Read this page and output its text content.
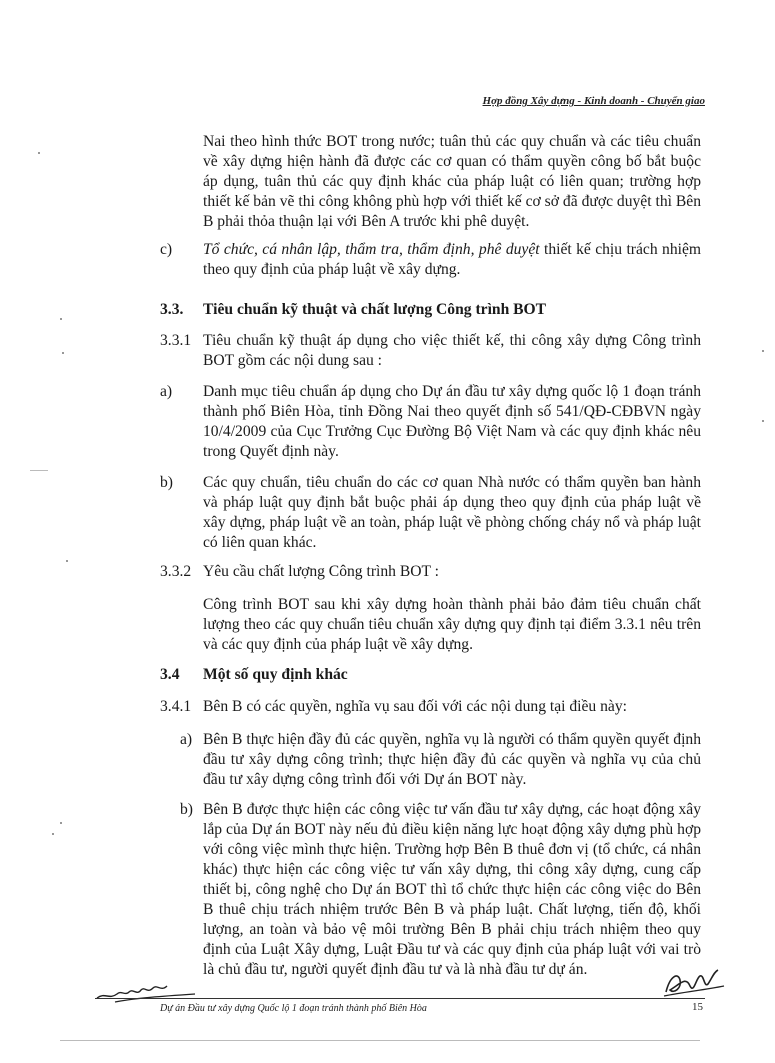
Hợp đồng Xây dựng - Kinh doanh - Chuyển giao
Nai theo hình thức BOT trong nước; tuân thủ các quy chuẩn và các tiêu chuẩn về xây dựng hiện hành đã được các cơ quan có thẩm quyền công bố bắt buộc áp dụng, tuân thủ các quy định khác của pháp luật có liên quan; trường hợp thiết kế bản vẽ thi công không phù hợp với thiết kế cơ sở đã được duyệt thì Bên B phải thỏa thuận lại với Bên A trước khi phê duyệt.
c) Tổ chức, cá nhân lập, thẩm tra, thẩm định, phê duyệt thiết kế chịu trách nhiệm theo quy định của pháp luật về xây dựng.
3.3. Tiêu chuẩn kỹ thuật và chất lượng Công trình BOT
3.3.1 Tiêu chuẩn kỹ thuật áp dụng cho việc thiết kế, thi công xây dựng Công trình BOT gồm các nội dung sau :
a) Danh mục tiêu chuẩn áp dụng cho Dự án đầu tư xây dựng quốc lộ 1 đoạn tránh thành phố Biên Hòa, tỉnh Đồng Nai theo quyết định số 541/QĐ-CĐBVN ngày 10/4/2009 của Cục Trưởng Cục Đường Bộ Việt Nam và các quy định khác nêu trong Quyết định này.
b) Các quy chuẩn, tiêu chuẩn do các cơ quan Nhà nước có thẩm quyền ban hành và pháp luật quy định bắt buộc phải áp dụng theo quy định của pháp luật về xây dựng, pháp luật về an toàn, pháp luật về phòng chống cháy nổ và pháp luật có liên quan khác.
3.3.2 Yêu cầu chất lượng Công trình BOT :
Công trình BOT sau khi xây dựng hoàn thành phải bảo đảm tiêu chuẩn chất lượng theo các quy chuẩn tiêu chuẩn xây dựng quy định tại điểm 3.3.1 nêu trên và các quy định của pháp luật về xây dựng.
3.4 Một số quy định khác
3.4.1 Bên B có các quyền, nghĩa vụ sau đối với các nội dung tại điều này:
a) Bên B thực hiện đầy đủ các quyền, nghĩa vụ là người có thẩm quyền quyết định đầu tư xây dựng công trình; thực hiện đầy đủ các quyền và nghĩa vụ của chủ đầu tư xây dựng công trình đối với Dự án BOT này.
b) Bên B được thực hiện các công việc tư vấn đầu tư xây dựng, các hoạt động xây lắp của Dự án BOT này nếu đủ điều kiện năng lực hoạt động xây dựng phù hợp với công việc mình thực hiện. Trường hợp Bên B thuê đơn vị (tổ chức, cá nhân khác) thực hiện các công việc tư vấn xây dựng, thi công xây dựng, cung cấp thiết bị, công nghệ cho Dự án BOT thì tổ chức thực hiện các công việc do Bên B thuê chịu trách nhiệm trước Bên B và pháp luật. Chất lượng, tiến độ, khối lượng, an toàn và bảo vệ môi trường Bên B phải chịu trách nhiệm theo quy định của Luật Xây dựng, Luật Đầu tư và các quy định của pháp luật với vai trò là chủ đầu tư, người quyết định đầu tư và là nhà đầu tư dự án.
Dự án Đầu tư xây dựng Quốc lộ 1 đoạn tránh thành phố Biên Hòa	15
